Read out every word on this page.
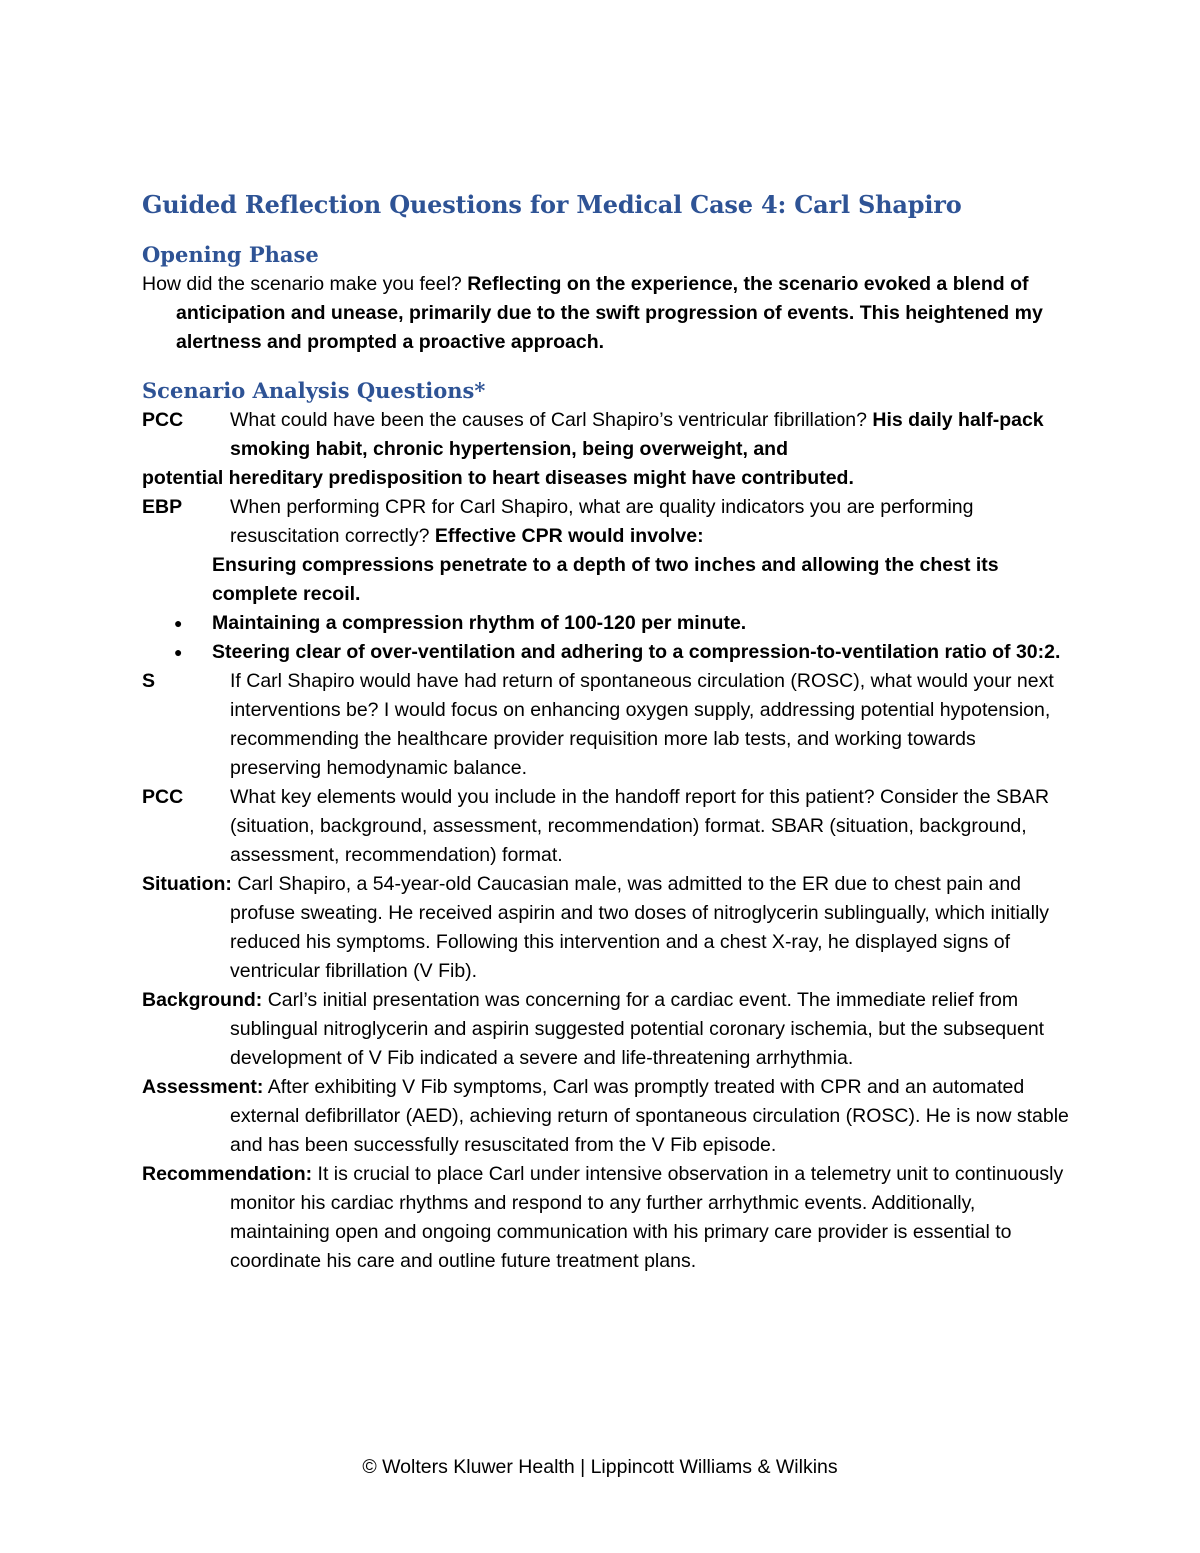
Guided Reflection Questions for Medical Case 4: Carl Shapiro
Opening Phase

How did the scenario make you feel? Reflecting on the experience, the scenario evoked a blend of anticipation and unease, primarily due to the swift progression of events. This heightened my alertness and prompted a proactive approach.

Scenario Analysis Questions*

PCC What could have been the causes of Carl Shapiro’s ventricular fibrillation? His daily half-pack smoking habit, chronic hypertension, being overweight, and

potential hereditary predisposition to heart diseases might have contributed.

EBP When performing CPR for Carl Shapiro, what are quality indicators you are performing resuscitation correctly? Effective CPR would involve:

Ensuring compressions penetrate to a depth of two inches and allowing the chest its complete recoil.

● Maintaining a compression rhythm of 100-120 per minute.
● Steering clear of over-ventilation and adhering to a compression-to-ventilation ratio of 30:2.

S	If Carl Shapiro would have had return of spontaneous circulation (ROSC), what would your next interventions be? I would focus on enhancing oxygen supply, addressing potential hypotension, recommending the healthcare provider requisition more lab tests, and working towards preserving hemodynamic balance.

PCC What key elements would you include in the handoff report for this patient? Consider the SBAR (situation, background, assessment, recommendation) format. SBAR (situation, background, assessment, recommendation) format.

Situation: Carl Shapiro, a 54-year-old Caucasian male, was admitted to the ER due to chest pain and profuse sweating. He received aspirin and two doses of nitroglycerin sublingually, which initially reduced his symptoms. Following this intervention and a chest X-ray, he displayed signs of ventricular fibrillation (V Fib).

Background: Carl’s initial presentation was concerning for a cardiac event. The immediate relief from sublingual nitroglycerin and aspirin suggested potential coronary ischemia, but the subsequent development of V Fib indicated a severe and life-threatening arrhythmia.

Assessment: After exhibiting V Fib symptoms, Carl was promptly treated with CPR and an automated external defibrillator (AED), achieving return of spontaneous circulation (ROSC). He is now stable and has been successfully resuscitated from the V Fib episode.

Recommendation: It is crucial to place Carl under intensive observation in a telemetry unit to continuously monitor his cardiac rhythms and respond to any further arrhythmic events. Additionally, maintaining open and ongoing communication with his primary care provider is essential to coordinate his care and outline future treatment plans.

© Wolters Kluwer Health | Lippincott Williams & Wilkins
